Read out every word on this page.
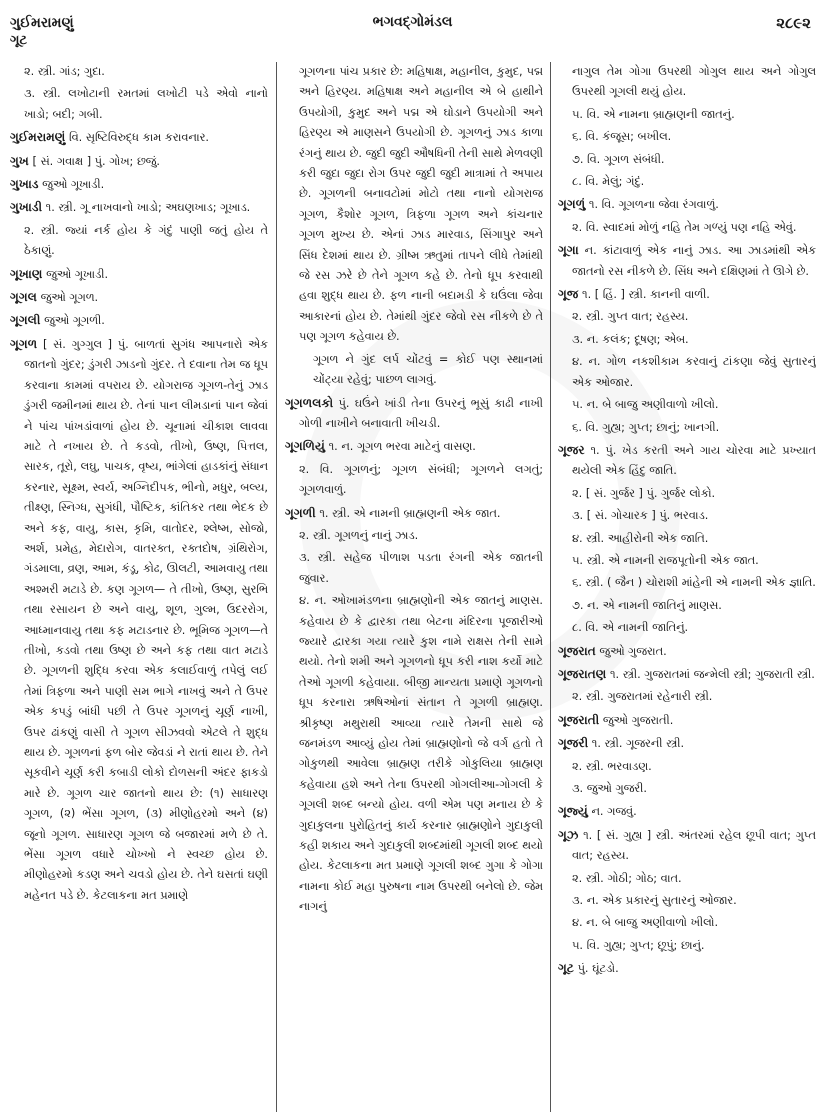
ગુઈમરામણું
ગૂટ
ભગવદ્ગોમંડલ	૨૮૯૨
૨. સ્ત્રી. ગાંડ; ગુદા.
૩. સ્ત્રી. લખોટાની રમતમાં લખોટી પડે એવો નાનો ખાડો; બદી; ગબી.
ગુઈમરામણું વિ. સૃષ્ટિવિરુદ્ધ કામ કરાવનાર.
ગુખ [ સં. ગવાક્ષ ] પું. ગોખ; છજું.
ગુખાડ જુઓ ગૂખાડી.
ગુખાડી ૧. સ્ત્રી. ગૂ નાખવાનો ખાડો; અઘણખાડ; ગૂખાડ.
૨. સ્ત્રી. જ્યાં નર્ક હોય કે ગંદું પાણી જતું હોય તે ઠેકાણું.
ગૂખાણ જુઓ ગૂખાડી.
ગૂગલ જુઓ ગૂગળ.
ગૂગલી જુઓ ગૂગળી.
ગૂગળ [ સં. ગુગ્ગુલ ] પું. બાળતાં સુગંધ આપનારો એક જાતનો ગુંદર; ડુંગરી ઝાડનો ગુંદર. તે દવાના તેમ જ ધૂપ કરવાના કામમાં વપરાય છે. યોગરાજ ગૂગળ-તેનું ઝાડ ડુંગરી જમીનમાં થાય છે. તેનાં પાન લીમડાનાં પાન જેવાં ને પાંચ પાંખડાંવાળાં હોય છે. ચૂનામાં ચીકાશ લાવવા માટે તે નખાય છે. તે કડવો, તીખો, ઉષ્ણ, પિત્તલ, સારક, તૂરો, લઘુ, પાચક, વૃષ્ય, ભાંગેલાં હાડકાંનું સંધાન કરનાર, સૂક્ષ્મ, સ્વર્ય, અગ્નિદીપક, ભીનો, મધુર, બલ્ય, તીક્ષ્ણ, સ્નિગ્ધ, સુગંધી, પૌષ્ટિક, કાંતિકર તથા ભેદક છે અને કફ, વાયુ, કાસ, કૃમિ, વાતોદર, શ્લેષ્મ, સોજો, અર્શ, પ્રમેહ, મેદારોગ, વાતરક્ત, રક્તદોષ, ગ્રંથિરોગ, ગંડમાલા, વ્રણ, આમ, કંડૂ, કોઢ, ઊલટી, આમવાયુ તથા અશ્મરી મટાડે છે. કણ ગૂગળ— તે તીખો, ઉષ્ણ, સુરભિ તથા રસાયન છે અને વાયુ, શૂળ, ગુલ્મ, ઉદરરોગ, આધ્માનવાયુ તથા કફ મટાડનાર છે. ભૂમિજ ગૂગળ—તે તીખો, કડવો તથા ઉષ્ણ છે અને કફ તથા વાત મટાડે છે. ગૂગળની શુદ્ધિ કરવા એક કલાઈવાળું તપેલું લઈ તેમાં ત્રિફળા અને પાણી સમ ભાગે નાખવું અને તે ઉપર એક કપડું બાંધી પછી તે ઉપર ગૂગળનું ચૂર્ણ નાખી, ઉપર ઢાંકણું વાસી તે ગૂગળ સીઝવવો એટલે તે શુદ્ધ થાય છે. ગૂગળનાં ફળ બોર જેવડાં ને રાતાં થાય છે. તેને સૂકવીને ચૂર્ણ કરી કબાડી લોકો દોળસની અંદર ફાકડો મારે છે. ગૂગળ ચાર જાતનો થાય છે: (૧) સાધારણ ગૂગળ, (૨) ભેંસા ગૂગળ, (૩) મીણોહરમો અને (૪) જૂનો ગૂગળ. સાધારણ ગૂગળ જે બજારમાં મળે છે તે. ભેંસા ગૂગળ વધારે ચોખ્ખો ને સ્વચ્છ હોય છે. મીણોહરમો કડણ અને ચવડો હોય છે. તેને ઘસતાં ઘણી મહેનત પડે છે. કેટલાકના મત પ્રમાણે
ગૂગળના પાંચ પ્રકાર છે: મહિષાક્ષ, મહાનીલ, કુમુદ, પદ્મ અને હિરણ્ય. મહિષાક્ષ અને મહાનીલ એ બે હાથીને ઉપયોગી, કુમુદ અને પદ્મ એ ઘોડાને ઉપયોગી અને હિરણ્ય એ માણસને ઉપયોગી છે. ગૂગળનું ઝાડ કાળા રંગનું થાય છે. જુદી જુદી ઔષધિની તેની સાથે મેળવણી કરી જુદા જુદા રોગ ઉપર જુદી જુદી માત્રામાં તે અપાય છે. ગૂગળની બનાવટોમાં મોટો તથા નાનો યોગરાજ ગૂગળ, કૈશોર ગૂગળ, ત્રિફળા ગૂગળ અને કાંચનાર ગૂગળ મુખ્ય છે. એનાં ઝાડ મારવાડ, સિંગાપુર અને સિંધ દેશમાં થાય છે. ગ્રીષ્મ ઋતુમાં તાપને લીધે તેમાંથી જે રસ ઝરે છે તેને ગૂગળ કહે છે. તેનો ધૂપ કરવાથી હવા શુદ્ધ થાય છે. ફળ નાની બદામડી કે ઘઉંલા જેવા આકારનાં હોય છે. તેમાંથી ગુંદર જેવો રસ નીકળે છે તે પણ ગૂગળ કહેવાય છે.
ગૂગળ ને ગુંદ લર્પ ચોંટવું = કોઈ પણ સ્થાનમાં ચોંટ્યા રહેવું; પાછળ લાગવું.
ગૂગળલકો પું. ઘઉંને ખાંડી તેના ઉપરનું ભૂસું કાઢી નાખી ગોળી નાખીને બનાવાતી ખીચડી.
ગૂગળિયું ૧. ન. ગૂગળ ભરવા માટેનું વાસણ.
૨. વિ. ગૂગળનું; ગૂગળ સંબંધી; ગૂગળને લગતું; ગૂગળવાળું.
ગૂગળી ૧. સ્ત્રી. એ નામની બ્રાહ્મણની એક જાત.
૨. સ્ત્રી. ગૂગળનું નાનું ઝાડ.
૩. સ્ત્રી. સહેજ પીળાશ પડતા રંગની એક જાતની જુવાર.
૪. ન. ઓખામંડળના બ્રાહ્મણોની એક જાતનું માણસ. કહેવાય છે કે દ્વારકા તથા બેટના મંદિરના પૂજારીઓ જ્યારે દ્વારકા ગયા ત્યારે કુશ નામે રાક્ષસ તેની સામે થયો. તેનો શમી અને ગૂગળનો ધૂપ કરી નાશ કર્યો માટે તેઓ ગૂગળી કહેવાયા. બીજી માન્યતા પ્રમાણે ગૂગળનો ધૂપ કરનારા ઋષિઓનાં સંતાન તે ગૂગળી બ્રાહ્મણ. શ્રીકૃષ્ણ મથુરાથી આવ્યા ત્યારે તેમની સાથે જે જનમંડળ આવ્યું હોય તેમાં બ્રાહ્મણોનો જે વર્ગ હતો તે ગોકુળથી આવેલા બ્રાહ્મણ તરીકે ગોકુલિયા બ્રાહ્મણ કહેવાયા હશે અને તેના ઉપરથી ગોગલીઆ-ગોગલી કે ગૂગલી શબ્દ બન્યો હોય. વળી એમ પણ મનાય છે કે ગુદાકુલના પુરોહિતનું કાર્ય કરનાર બ્રાહ્મણોને ગુદાકુલી કહી શકાય અને ગુદાકુલી શબ્દમાંથી ગૂગલી શબ્દ થયો હોય. કેટલાકના મત પ્રમાણે ગૂગલી શબ્દ ગુગા કે ગોગા નામના કોઈ મહા પુરુષના નામ ઉપરથી બનેલો છે. જેમ નાગનું
નાગુલ તેમ ગોગા ઉપરથી ગોગુલ થાય અને ગોગુલ ઉપરથી ગૂગલી થયું હોય.
૫. વિ. એ નામના બ્રાહ્મણની જાતનું.
૬. વિ. કંજૂસ; બખીલ.
૭. વિ. ગૂગળ સંબંધી.
૮. વિ. મેલું; ગંદું.
ગૂગળું ૧. વિ. ગૂગળના જેવા રંગવાળું.
૨. વિ. સ્વાદમાં મોળું નહિ તેમ ગળ્યું પણ નહિ એવું.
ગૂગા ન. કાંટાવાળું એક નાનું ઝાડ. આ ઝાડમાંથી એક જાતનો રસ નીકળે છે. સિંધ અને દક્ષિણમાં તે ઊગે છે.
ગૂજ ૧. [ હિં. ] સ્ત્રી. કાનની વાળી.
૨. સ્ત્રી. ગુપ્ત વાત; રહસ્ય.
૩. ન. કલંક; દૂષણ; એબ.
૪. ન. ગોળ નકશીકામ કરવાનું ટાંકણા જેવું સુતારનું એક ઓજાર.
૫. ન. બે બાજુ અણીવાળો ખીલો.
૬. વિ. ગુહ્ય; ગુપ્ત; છાનું; ખાનગી.
ગૂજર ૧. પું. ખેડ કરતી અને ગાય ચોરવા માટે પ્રખ્યાત થયેલી એક હિંદુ જાતિ.
૨. [ સં. ગુર્જર ] પું. ગુર્જર લોકો.
૩. [ સં. ગોચારક ] પું. ભરવાડ.
૪. સ્ત્રી. આહીરોની એક જાતિ.
૫. સ્ત્રી. એ નામની રાજપૂતોની એક જાત.
૬. સ્ત્રી. ( જૈન ) ચોરાશી માંહેની એ નામની એક જ્ઞાતિ.
૭. ન. એ નામની જાતિનું માણસ.
૮. વિ. એ નામની જાતિનું.
ગૂજરાત જુઓ ગુજરાત.
ગૂજરાતણ ૧. સ્ત્રી. ગુજરાતમાં જન્મેલી સ્ત્રી; ગુજરાતી સ્ત્રી.
૨. સ્ત્રી. ગુજરાતમાં રહેનારી સ્ત્રી.
ગૂજરાતી જુઓ ગુજરાતી.
ગૂજરી ૧. સ્ત્રી. ગૂજરની સ્ત્રી.
૨. સ્ત્રી. ભરવાડણ.
૩. જુઓ ગુજરી.
ગૂજ્યું ન. ગજવું.
ગૂઝ ૧. [ સં. ગુહ્ય ] સ્ત્રી. અંતરમાં રહેલ છૂપી વાત; ગુપ્ત વાત; રહસ્ય.
૨. સ્ત્રી. ગોઠી; ગોઠ; વાત.
૩. ન. એક પ્રકારનું સુતારનું ઓજાર.
૪. ન. બે બાજુ અણીવાળો ખીલો.
૫. વિ. ગુહ્ય; ગુપ્ત; છૂપું; છાનું.
ગૂટ પું. ઘૂંટડો.
